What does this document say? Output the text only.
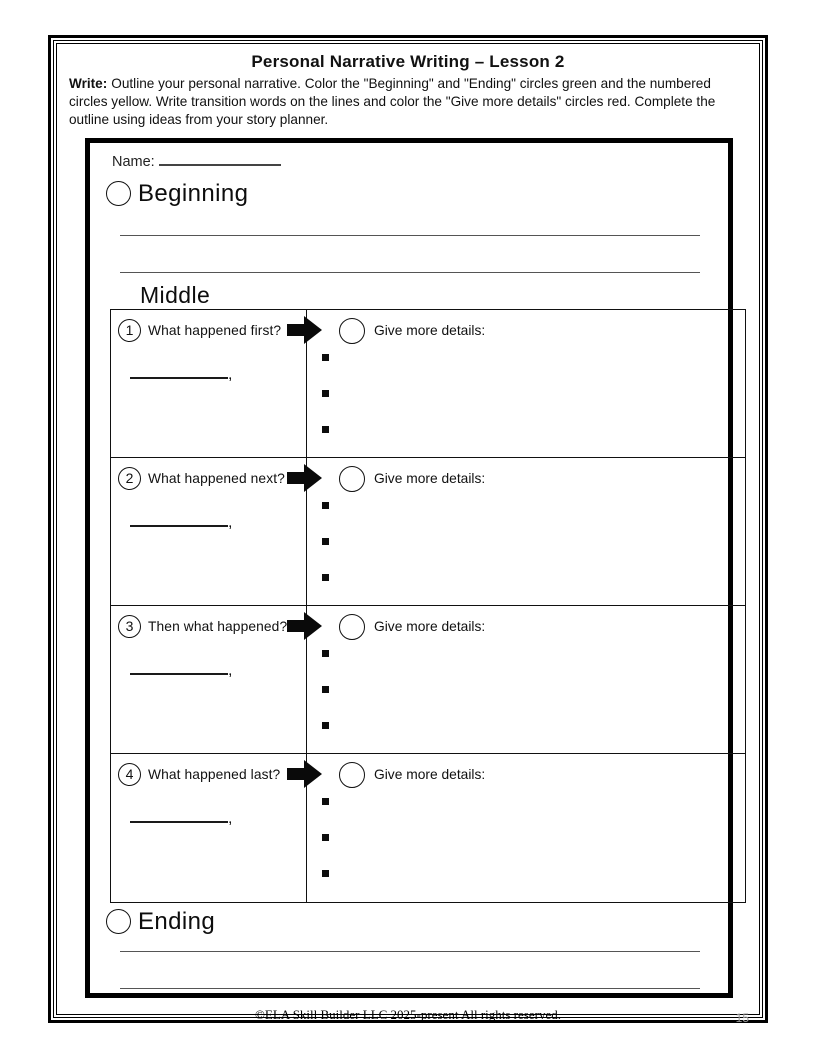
Personal Narrative Writing – Lesson 2
Write: Outline your personal narrative. Color the "Beginning" and "Ending" circles green and the numbered circles yellow. Write transition words on the lines and color the "Give more details" circles red. Complete the outline using ideas from your story planner.
Name:
Beginning
Middle
1	What happened first?
,
Give more details:
2	What happened next?
,
Give more details:
3	Then what happened?
,
Give more details:
4	What happened last?
,
Give more details:
Ending
©ELA Skill Builder LLC 2025-present All rights reserved.	15
